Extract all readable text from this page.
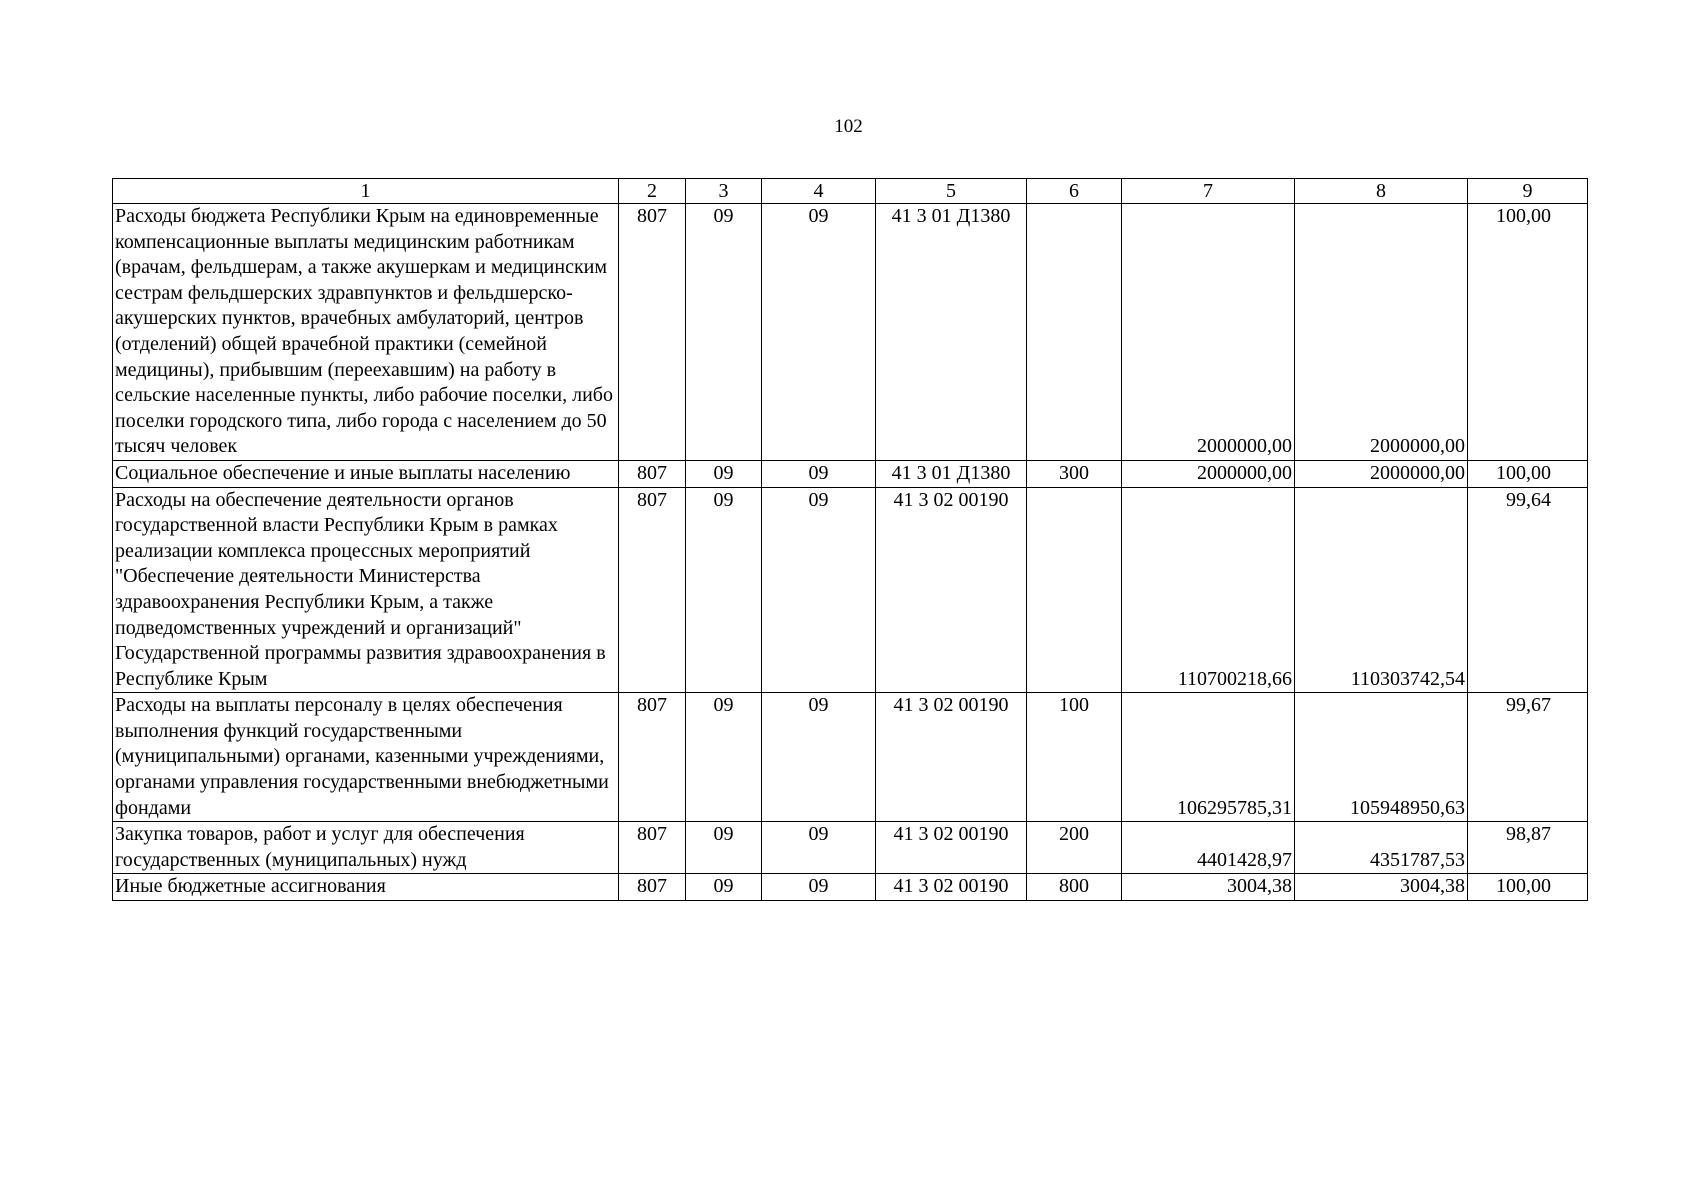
102
1	2	3	4	5	6	7	8	9
Расходы бюджета Республики Крым на единовременные компенсационные выплаты медицинским работникам (врачам, фельдшерам, а также акушеркам и медицинским сестрам фельдшерских здравпунктов и фельдшерско-акушерских пунктов, врачебных амбулаторий, центров (отделений) общей врачебной практики (семейной медицины), прибывшим (переехавшим) на работу в сельские населенные пункты, либо рабочие поселки, либо поселки городского типа, либо города с населением до 50 тысяч человек	807	09	09	41 3 01 Д1380		2000000,00	2000000,00	100,00
Социальное обеспечение и иные выплаты населению	807	09	09	41 3 01 Д1380	300	2000000,00	2000000,00	100,00
Расходы на обеспечение деятельности органов государственной власти Республики Крым в рамках реализации комплекса процессных мероприятий "Обеспечение деятельности Министерства здравоохранения Республики Крым, а также подведомственных учреждений и организаций" Государственной программы развития здравоохранения в Республике Крым	807	09	09	41 3 02 00190		110700218,66	110303742,54	99,64
Расходы на выплаты персоналу в целях обеспечения выполнения функций государственными (муниципальными) органами, казенными учреждениями, органами управления государственными внебюджетными фондами	807	09	09	41 3 02 00190	100	106295785,31	105948950,63	99,67
Закупка товаров, работ и услуг для обеспечения государственных (муниципальных) нужд	807	09	09	41 3 02 00190	200	4401428,97	4351787,53	98,87
Иные бюджетные ассигнования	807	09	09	41 3 02 00190	800	3004,38	3004,38	100,00
